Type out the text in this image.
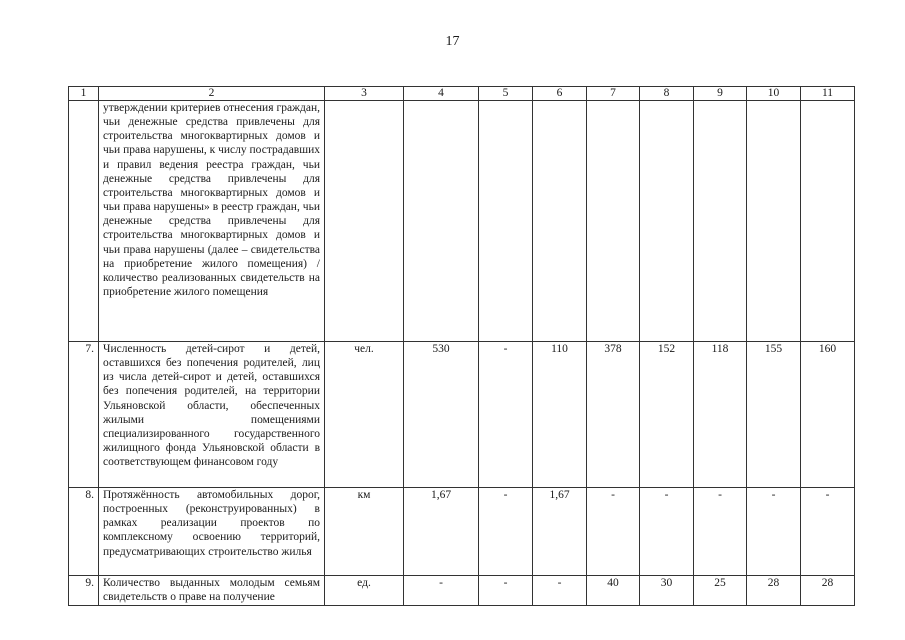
17
1	2	3	4	5	6	7	8	9	10	11
	утверждении критериев отнесения граждан, чьи денежные средства привлечены для строительства многоквартирных домов и чьи права нарушены, к числу пострадавших и правил ведения реестра граждан, чьи денежные средства привлечены для строительства многоквартирных домов и чьи права нарушены» в реестр граждан, чьи денежные средства привлечены для строительства многоквартирных домов и чьи права нарушены (далее – свидетельства на приобретение жилого помещения) / количество реализованных свидетельств на приобретение жилого помещения									
7.	Численность детей-сирот и детей, оставшихся без попечения родителей, лиц из числа детей-сирот и детей, оставшихся без попечения родителей, на территории Ульяновской области, обеспеченных жилыми помещениями специализированного государственного жилищного фонда Ульяновской области в соответствующем финансовом году	чел.	530	-	110	378	152	118	155	160
8.	Протяжённость автомобильных дорог, построенных (реконструированных) в рамках реализации проектов по комплексному освоению территорий, предусматривающих строительство жилья	км	1,67	-	1,67	-	-	-	-	-
9.	Количество выданных молодым семьям свидетельств о праве на получение	ед.	-	-	-	40	30	25	28	28
